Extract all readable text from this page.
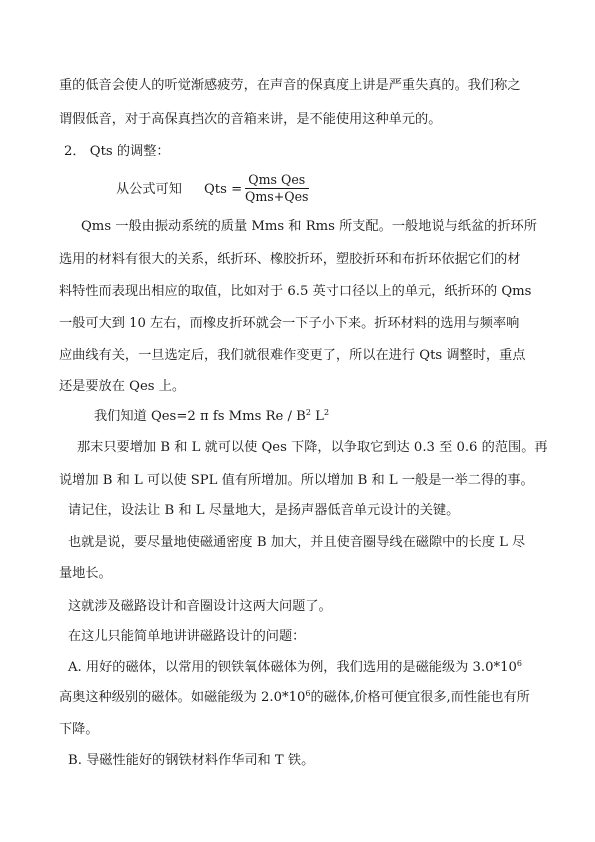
重的低音会使人的听觉渐感疲劳，在声音的保真度上讲是严重失真的。我们称之
谓假低音，对于高保真挡次的音箱来讲，是不能使用这种单元的。
2． Qts 的调整：
从公式可知 Qts =
Qms Qes
Qms+Qes
Qms 一般由振动系统的质量 Mms 和 Rms 所支配。一般地说与纸盆的折环所
选用的材料有很大的关系，纸折环、橡胶折环，塑胶折环和布折环依据它们的材
料特性而表现出相应的取值，比如对于 6.5 英寸口径以上的单元，纸折环的 Qms
一般可大到 10 左右，而橡皮折环就会一下子小下来。折环材料的选用与频率响
应曲线有关，一旦选定后，我们就很难作变更了，所以在进行 Qts 调整时，重点
还是要放在 Qes 上。
我们知道 Qes=2 π fs Mms Re / $B^2$ $L^2$
那末只要增加 B 和 L 就可以使 Qes 下降，以争取它到达 0.3 至 0.6 的范围。再
说增加 B 和 L 可以使 SPL 值有所增加。所以增加 B 和 L 一般是一举二得的事。
请记住，设法让 B 和 L 尽量地大，是扬声器低音单元设计的关键。
也就是说，要尽量地使磁通密度 B 加大，并且使音圈导线在磁隙中的长度 L 尽
量地长。
这就涉及磁路设计和音圈设计这两大问题了。
在这儿只能简单地讲讲磁路设计的问题：
A. 用好的磁体，以常用的钡铁氧体磁体为例，我们选用的是磁能级为 $3.0*10^6$
高奥这种级别的磁体。如磁能级为 $2.0*10^6$的磁体,价格可便宜很多,而性能也有所
下降。
B. 导磁性能好的钢铁材料作华司和 T 铁。
